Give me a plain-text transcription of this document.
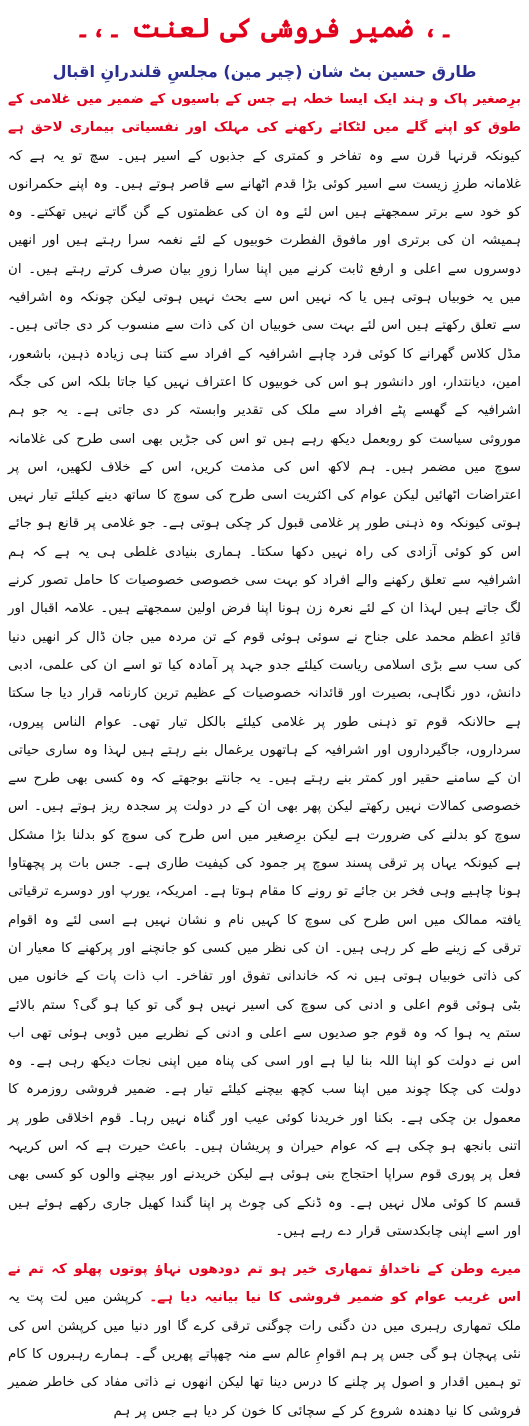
۔، ضمیر فروشی کی لعنت ۔،۔
طارق حسین بٹ شان (چیر مین) مجلسِ قلندرانِ اقبال

برِصغیر پاک و ہند ایک ایسا خطہ ہے جس کے باسیوں کے ضمیر میں غلامی کے طوق کو اپنے گلے میں لٹکائے رکھنے کی مہلک اور نفسیاتی بیماری لاحق ہے کیونکہ قرنہا قرن سے وہ تفاخر و کمتری کے جذبوں کے اسیر ہیں۔ سچ تو یہ ہے کہ غلامانہ طرزِ زیست سے اسیر کوئی بڑا قدم اٹھانے سے قاصر ہوتے ہیں۔ وہ اپنے حکمرانوں کو خود سے برتر سمجھتے ہیں اس لئے وہ ان کی عظمتوں کے گن گاتے نہیں تھکتے۔ وہ ہمیشہ ان کی برتری اور مافوق الفطرت خوبیوں کے لئے نغمہ سرا رہتے ہیں اور انھیں دوسروں سے اعلی و ارفع ثابت کرنے میں اپنا سارا زورِ بیان صرف کرتے رہتے ہیں۔ ان میں یہ خوبیاں ہوتی ہیں یا کہ نہیں اس سے بحث نہیں ہوتی لیکن چونکہ وہ اشرافیہ سے تعلق رکھتے ہیں اس لئے بہت سی خوبیاں ان کی ذات سے منسوب کر دی جاتی ہیں۔ مڈل کلاس گھرانے کا کوئی فرد چاہے اشرافیہ کے افراد سے کتنا ہی زیادہ ذہین، باشعور، امین، دیانتدار، اور دانشور ہو اس کی خوبیوں کا اعتراف نہیں کیا جاتا بلکہ اس کی جگہ اشرافیہ کے گھسے پٹے افراد سے ملک کی تقدیر وابستہ کر دی جاتی ہے۔ یہ جو ہم موروثی سیاست کو روبعمل دیکھ رہے ہیں تو اس کی جڑیں بھی اسی طرح کی غلامانہ سوچ میں مضمر ہیں۔ ہم لاکھ اس کی مذمت کریں، اس کے خلاف لکھیں، اس پر اعتراضات اٹھائیں لیکن عوام کی اکثریت اسی طرح کی سوچ کا ساتھ دینے کیلئے تیار نہیں ہوتی کیونکہ وہ ذہنی طور پر غلامی قبول کر چکی ہوتی ہے۔ جو غلامی پر قانع ہو جائے اس کو کوئی آزادی کی راہ نہیں دکھا سکتا۔ ہماری بنیادی غلطی ہی یہ ہے کہ ہم اشرافیہ سے تعلق رکھنے والے افراد کو بہت سی خصوصی خصوصیات کا حامل تصور کرنے لگ جاتے ہیں لہذا ان کے لئے نعرہ زن ہونا اپنا فرض اولین سمجھتے ہیں۔ علامہ اقبال اور قائدِ اعظم محمد علی جناح نے سوئی ہوئی قوم کے تن مردہ میں جان ڈال کر انھیں دنیا کی سب سے بڑی اسلامی ریاست کیلئے جدو جہد پر آمادہ کیا تو اسے ان کی علمی، ادبی دانش، دور نگاہی، بصیرت اور قائدانہ خصوصیات کے عظیم ترین کارنامہ قرار دیا جا سکتا ہے حالانکہ قوم تو ذہنی طور پر غلامی کیلئے بالکل تیار تھی۔ عوام الناس پیروں، سرداروں، جاگیرداروں اور اشرافیہ کے ہاتھوں یرغمال بنے رہتے ہیں لہذا وہ ساری حیاتی ان کے سامنے حقیر اور کمتر بنے رہتے ہیں۔ یہ جانتے بوجھتے کہ وہ کسی بھی طرح سے خصوصی کمالات نہیں رکھتے لیکن پھر بھی ان کے در دولت پر سجدہ ریز ہوتے ہیں۔ اس سوچ کو بدلنے کی ضرورت ہے لیکن برِصغیر میں اس طرح کی سوچ کو بدلنا بڑا مشکل ہے کیونکہ یہاں پر ترقی پسند سوچ پر جمود کی کیفیت طاری ہے۔ جس بات پر پچھتاوا ہونا چاہیے وہی فخر بن جائے تو رونے کا مقام ہوتا ہے۔ امریکہ، یورپ اور دوسرے ترقیاتی یافتہ ممالک میں اس طرح کی سوچ کا کہیں نام و نشان نہیں ہے اسی لئے وہ اقوام ترقی کے زینے طے کر رہی ہیں۔ ان کی نظر میں کسی کو جانچنے اور پرکھنے کا معیار ان کی ذاتی خوبیاں ہوتی ہیں نہ کہ خاندانی تفوق اور تفاخر۔ اب ذات پات کے خانوں میں بٹی ہوئی قوم اعلی و ادنی کی سوچ کی اسیر نہیں ہو گی تو کیا ہو گی؟ ستم بالائے ستم یہ ہوا کہ وہ قوم جو صدیوں سے اعلی و ادنی کے نظریے میں ڈوبی ہوئی تھی اب اس نے دولت کو اپنا اللہ بنا لیا ہے اور اسی کی پناہ میں اپنی نجات دیکھ رہی ہے۔ وہ دولت کی چکا چوند میں اپنا سب کچھ بیچنے کیلئے تیار ہے۔ ضمیر فروشی روزمرہ کا معمول بن چکی ہے۔ بکنا اور خریدنا کوئی عیب اور گناہ نہیں رہا۔ قوم اخلاقی طور پر اتنی بانجھ ہو چکی ہے کہ عوام حیران و پریشان ہیں۔ باعث حیرت ہے کہ اس کریہہ فعل پر پوری قوم سراپا احتجاج بنی ہوئی ہے لیکن خریدنے اور بیچنے والوں کو کسی بھی قسم کا کوئی ملال نہیں ہے۔ وہ ڈنکے کی چوٹ پر اپنا گندا کھیل جاری رکھے ہوئے ہیں اور اسے اپنی چابکدستی قرار دے رہے ہیں۔

میرے وطن کے ناخداؤ تمھاری خیر ہو تم دودھوں نہاؤ پوتوں پھلو کہ تم نے اس غریب عوام کو ضمیر فروشی کا نیا بیانیہ دیا ہے۔ کرپشن میں لت پت یہ ملک تمھاری رہبری میں دن دگنی رات چوگنی ترقی کرے گا اور دنیا میں کرپشن اس کی نئی پہچان ہو گی جس پر ہم اقوامِ عالم سے منہ چھپاتے پھریں گے۔ ہمارے رہبروں کا کام تو ہمیں اقدار و اصول پر چلنے کا درس دینا تھا لیکن انھوں نے ذاتی مفاد کی خاطر ضمیر فروشی کا نیا دھندہ شروع کر کے سچائی کا خون کر دیا ہے جس پر ہم
